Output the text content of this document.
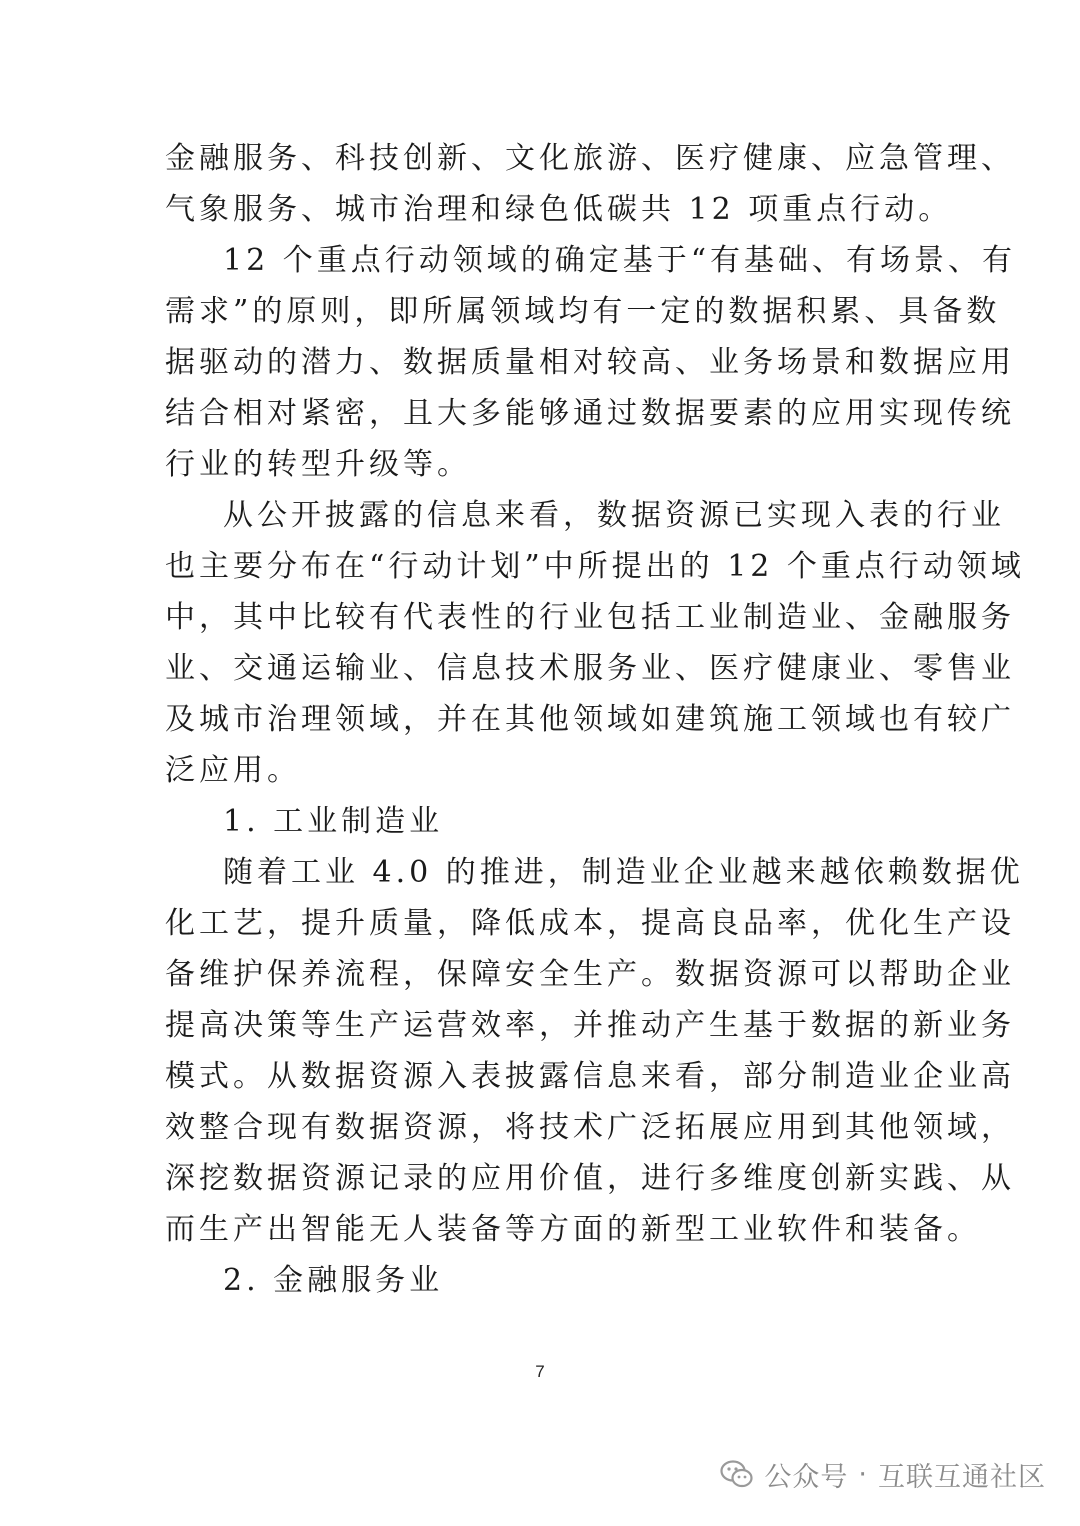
金融服务、科技创新、文化旅游、医疗健康、应急管理、
气象服务、城市治理和绿色低碳共 12 项重点行动。
12 个重点行动领域的确定基于“有基础、有场景、有
需求”的原则，即所属领域均有一定的数据积累、具备数
据驱动的潜力、数据质量相对较高、业务场景和数据应用
结合相对紧密，且大多能够通过数据要素的应用实现传统
行业的转型升级等。
从公开披露的信息来看，数据资源已实现入表的行业
也主要分布在“行动计划”中所提出的 12 个重点行动领域
中，其中比较有代表性的行业包括工业制造业、金融服务
业、交通运输业、信息技术服务业、医疗健康业、零售业
及城市治理领域，并在其他领域如建筑施工领域也有较广
泛应用。
1. 工业制造业
随着工业 4.0 的推进，制造业企业越来越依赖数据优
化工艺，提升质量，降低成本，提高良品率，优化生产设
备维护保养流程，保障安全生产。数据资源可以帮助企业
提高决策等生产运营效率，并推动产生基于数据的新业务
模式。从数据资源入表披露信息来看，部分制造业企业高
效整合现有数据资源，将技术广泛拓展应用到其他领域，
深挖数据资源记录的应用价值，进行多维度创新实践、从
而生产出智能无人装备等方面的新型工业软件和装备。
2. 金融服务业
7
公众号 · 互联互通社区
